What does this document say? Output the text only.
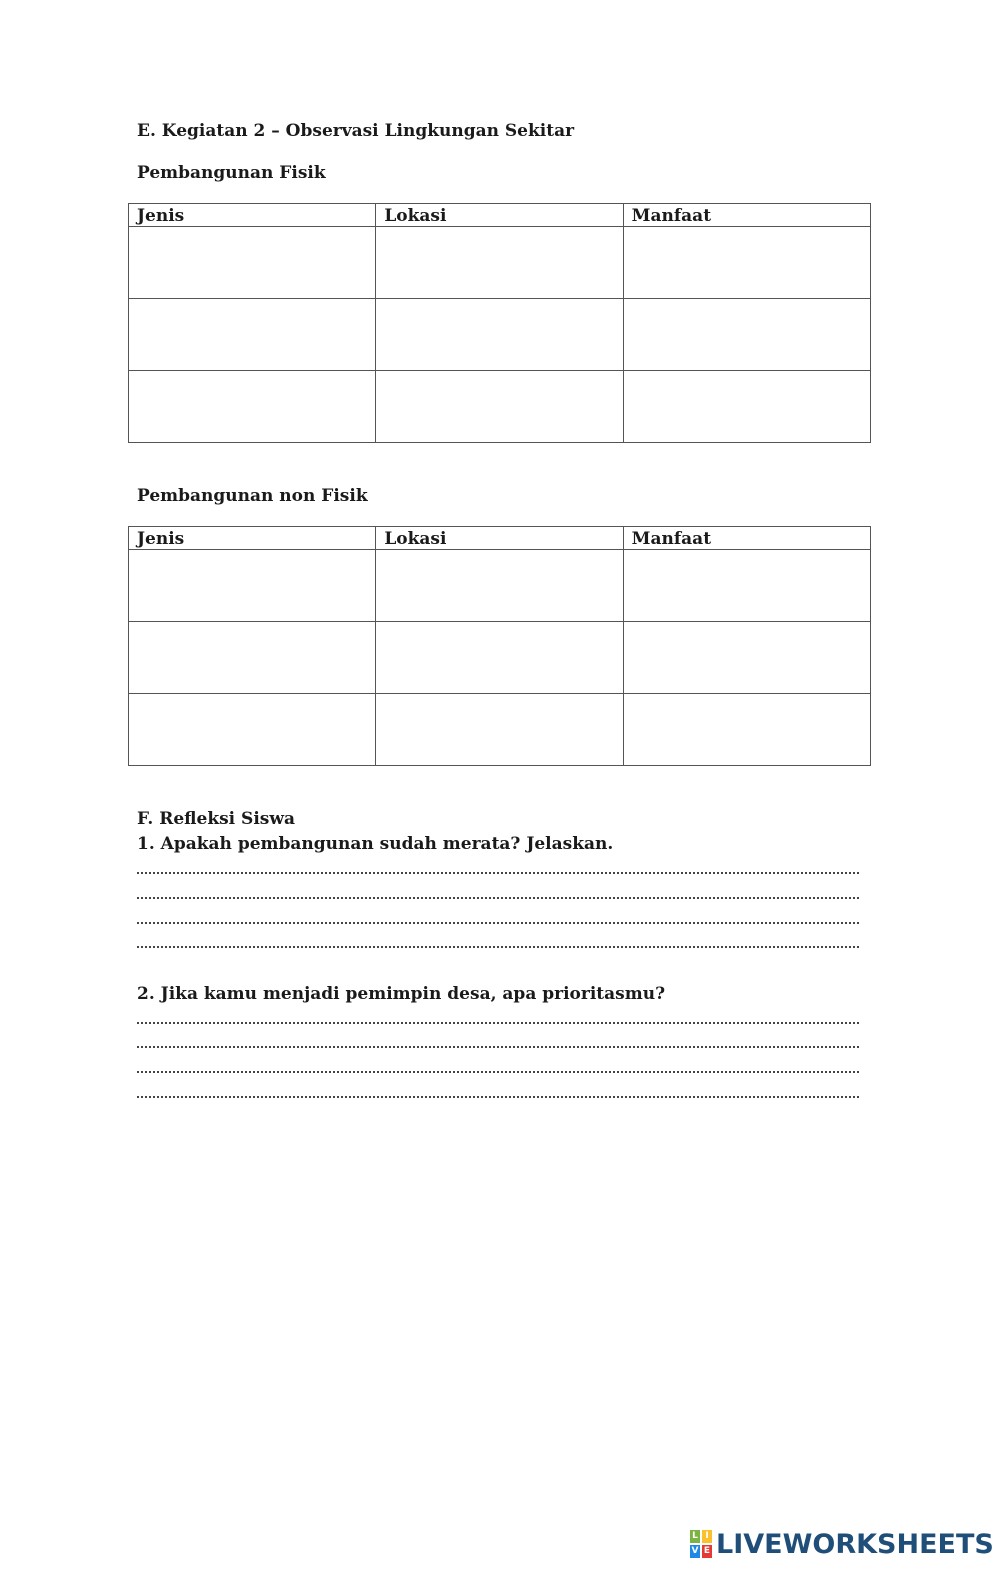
E. Kegiatan 2 – Observasi Lingkungan Sekitar
Pembangunan Fisik
Jenis	Lokasi	Manfaat

Pembangunan non Fisik
Jenis	Lokasi	Manfaat

F. Refleksi Siswa
1. Apakah pembangunan sudah merata? Jelaskan.
2. Jika kamu menjadi pemimpin desa, apa prioritasmu?
L I
V E LIVEWORKSHEETS
